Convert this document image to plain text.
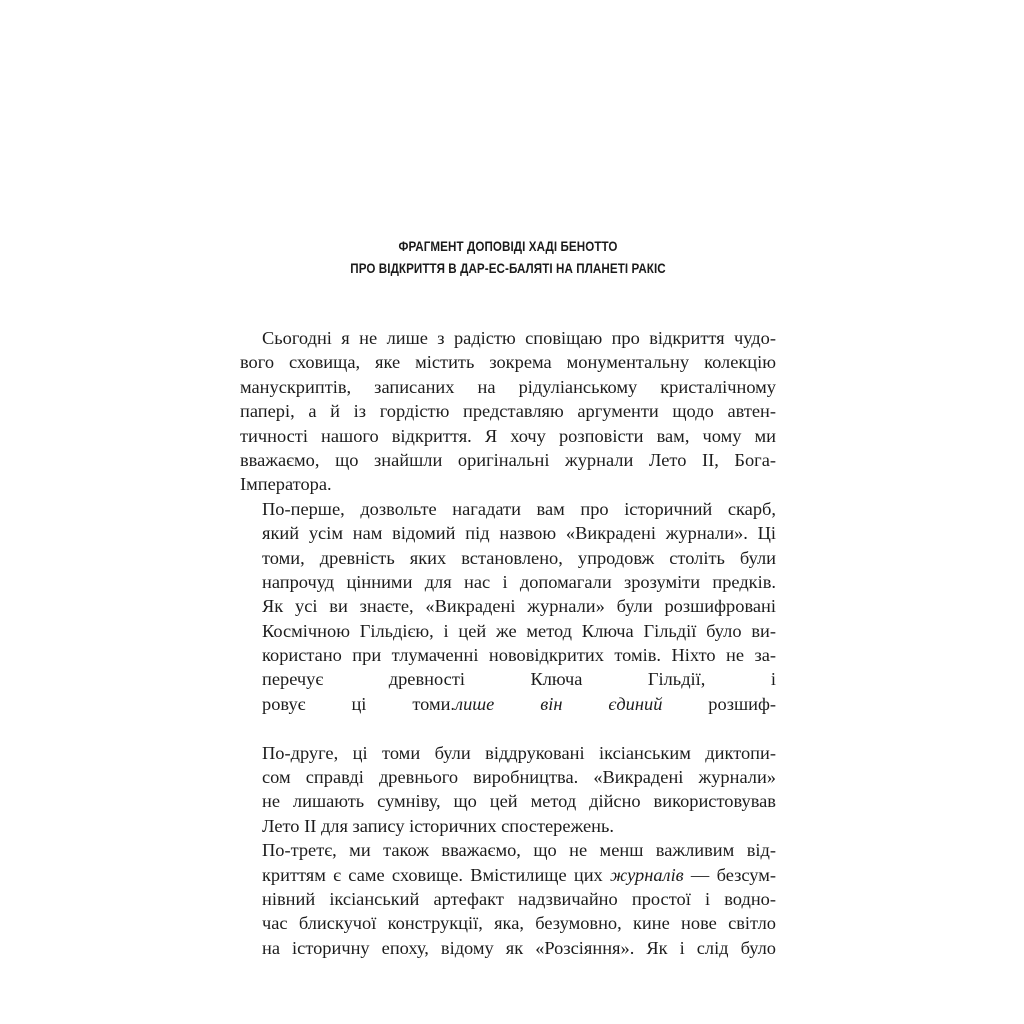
ФРАГМЕНТ ДОПОВІДІ ХАДІ БЕНОТТО
ПРО ВІДКРИТТЯ В ДАР-ЕС-БАЛЯТІ НА ПЛАНЕТІ РАКІС

Сьогодні я не лише з радістю сповіщаю про відкриття чудо-
вого сховища, яке містить зокрема монументальну колекцію
манускриптів, записаних на рідуліанському кристалічному
папері, а й із гордістю представляю аргументи щодо автен-
тичності нашого відкриття. Я хочу розповісти вам, чому ми
вважаємо, що знайшли оригінальні журнали Лето II, Бога-
Імператора.

По-перше, дозвольте нагадати вам про історичний скарб,
який усім нам відомий під назвою «Викрадені журнали». Ці
томи, древність яких встановлено, упродовж століть були
напрочуд цінними для нас і допомагали зрозуміти предків.
Як усі ви знаєте, «Викрадені журнали» були розшифровані
Космічною Гільдією, і цей же метод Ключа Гільдії було ви-
користано при тлумаченні нововідкритих томів. Ніхто не за-
перечує древності Ключа Гільдії, і
ровує ці томи.лише він єдиний розшиф-

По-друге, ці томи були віддруковані іксіанським диктопи-
сом справді древнього виробництва. «Викрадені журнали»
не лишають сумніву, що цей метод дійсно використовував
Лето II для запису історичних спостережень.

По-третє, ми також вважаємо, що не менш важливим від-
криттям є саме сховище. Вмістилище цих журналів — безсум-
нівний іксіанський артефакт надзвичайно простої і водно-
час блискучої конструкції, яка, безумовно, кине нове світло
на історичну епоху, відому як «Розсіяння». Як і слід було
